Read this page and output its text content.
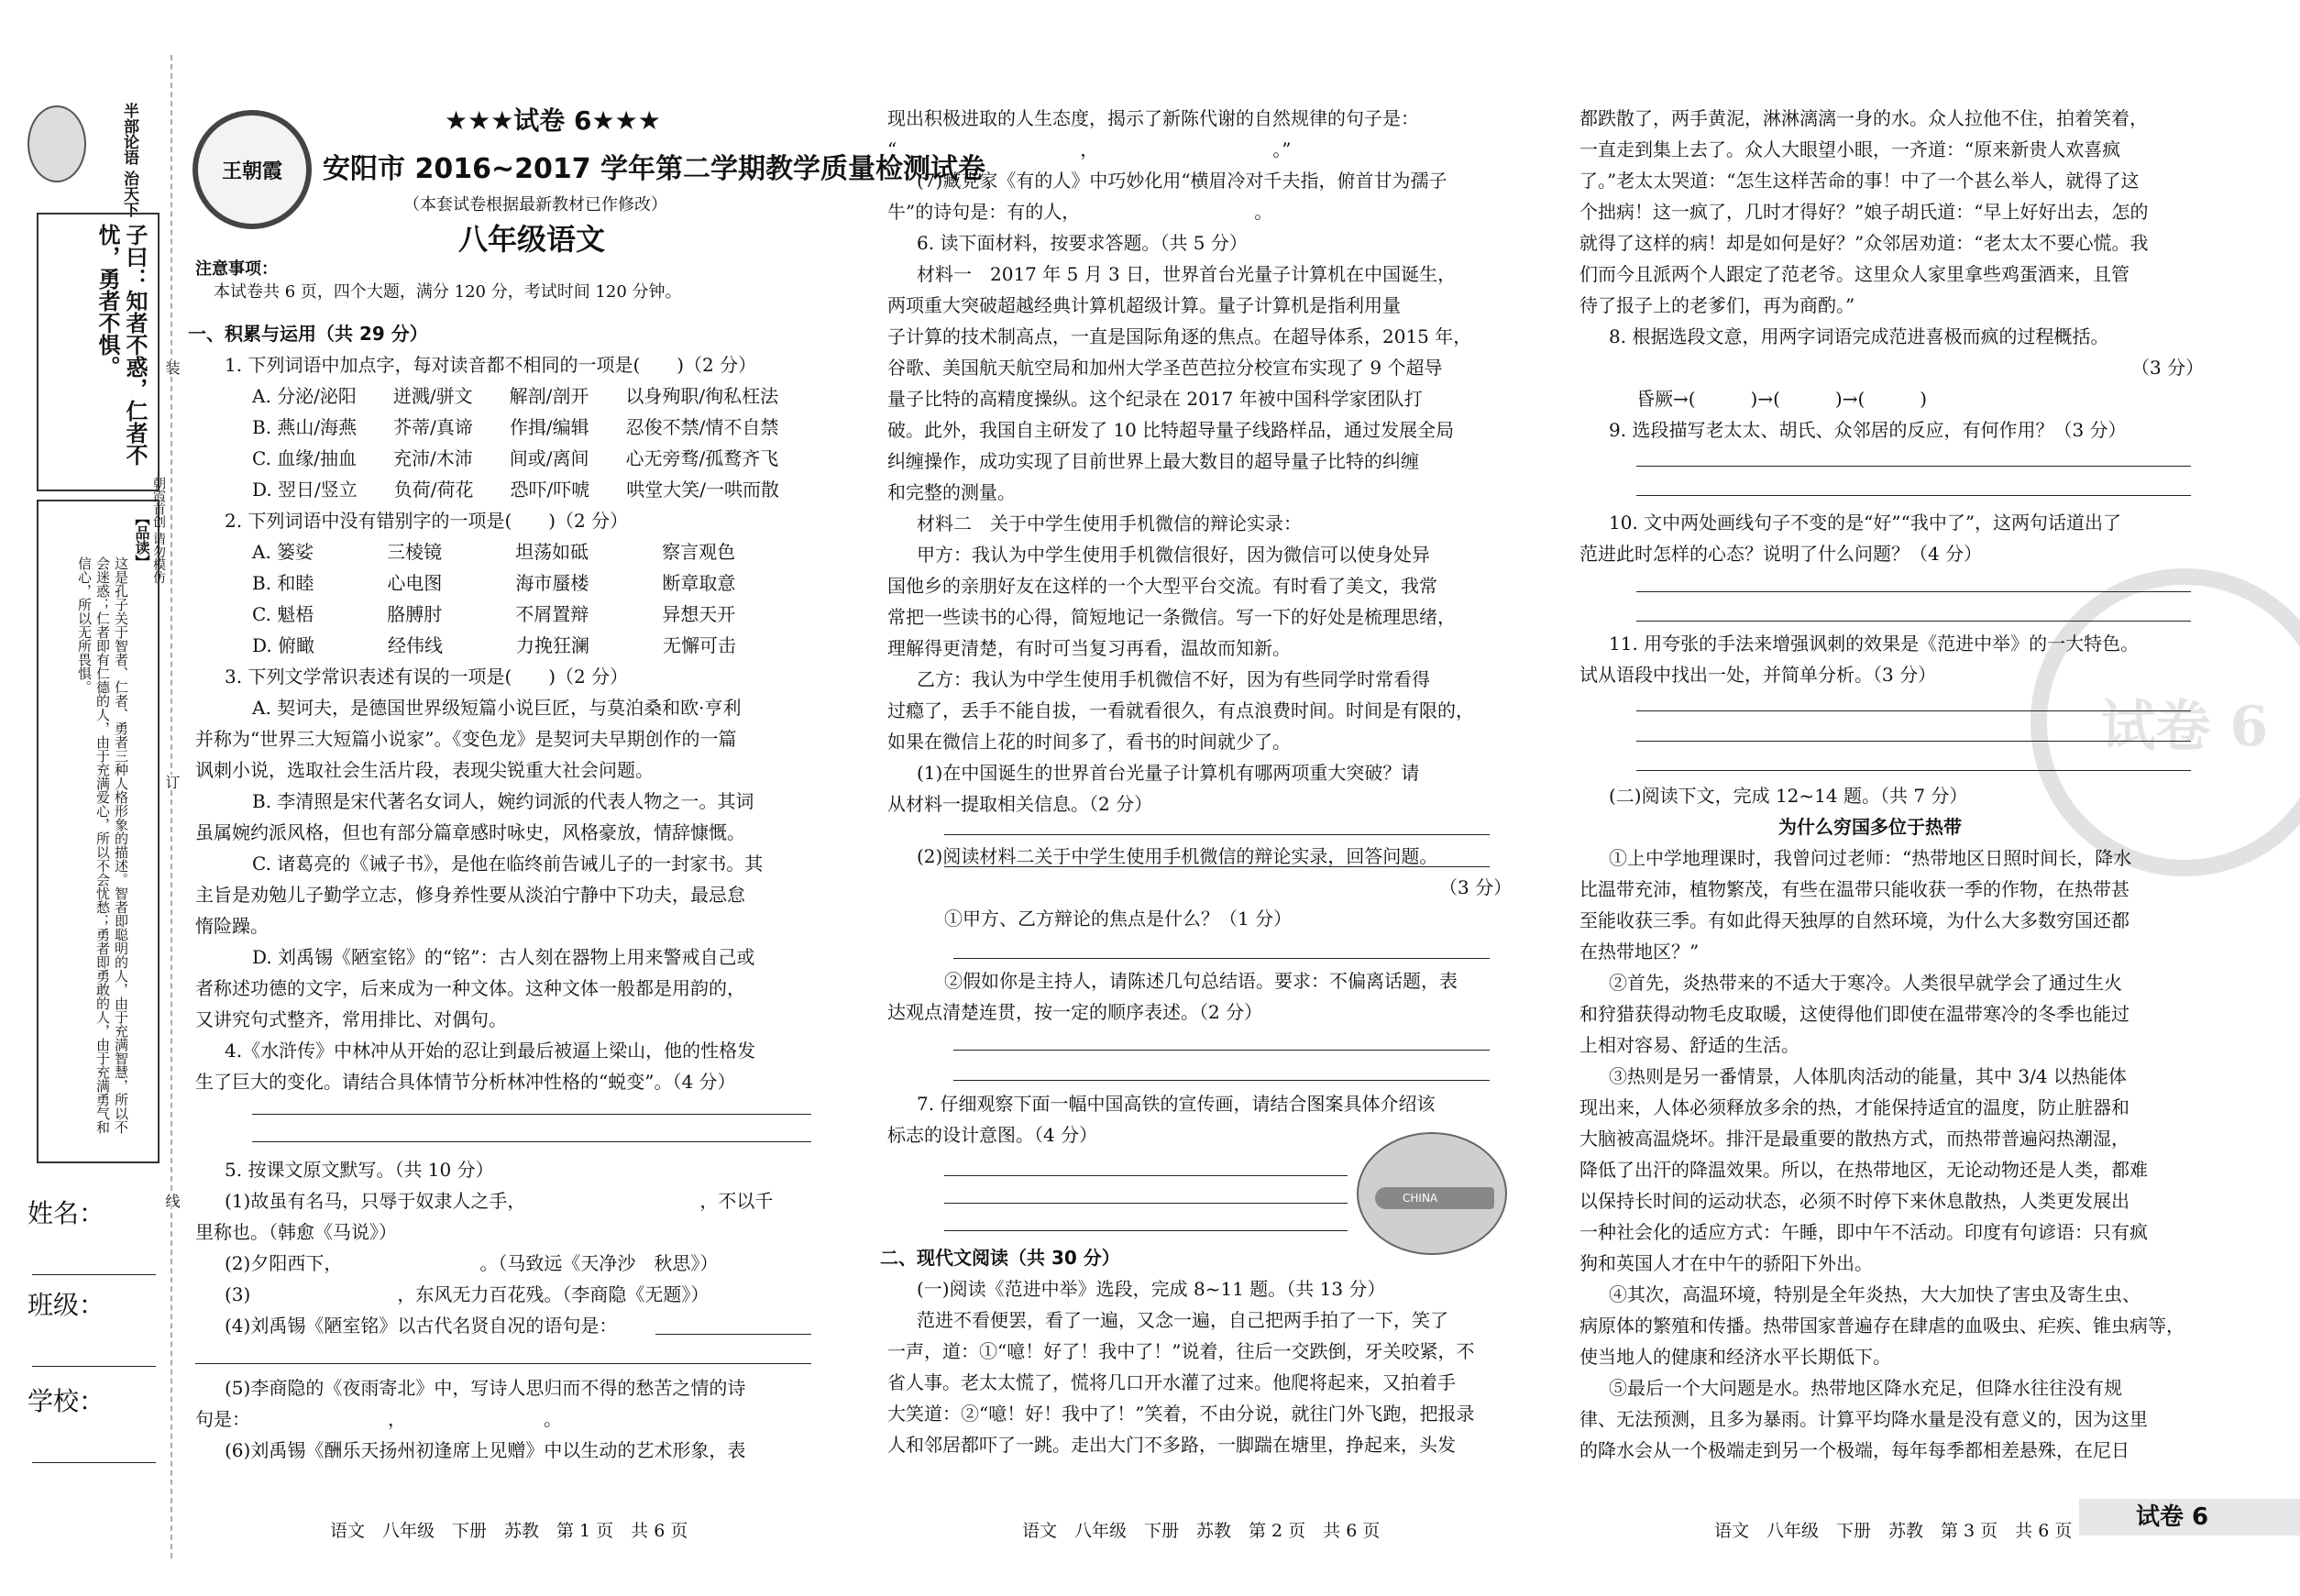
半部论语 治天下
子曰：知者不惑，仁者不忧，勇者不惧。
【品读】
这是孔子关于智者、仁者、勇者三种人格形象的描述。智者即聪明的人，由于充满智慧，所以不会迷惑；仁者即有仁德的人，由于充满爱心，所以不会忧愁；勇者即勇敢的人，由于充满勇气和信心，所以无所畏惧。
姓名：
班级：
学校：
装
订
线
朝霞首创 请勿模仿
王朝霞
★★★试卷 6★★★
安阳市 2016~2017 学年第二学期教学质量检测试卷
（本套试卷根据最新教材已作修改）
八年级语文
注意事项：
本试卷共 6 页，四个大题，满分 120 分，考试时间 120 分钟。
一、积累与运用（共 29 分）
1. 下列词语中加点字，每对读音都不相同的一项是(　　)（2 分）
A. 分泌/泌阳　　迸溅/骈文　　解剖/剖开　　以身殉职/徇私枉法
B. 燕山/海燕　　芥蒂/真谛　　作揖/编辑　　忍俊不禁/情不自禁
C. 血缘/抽血　　充沛/木沛　　间或/离间　　心无旁骛/孤鹜齐飞
D. 翌日/竖立　　负荷/荷花　　恐吓/吓唬　　哄堂大笑/一哄而散
2. 下列词语中没有错别字的一项是(　　)（2 分）
A. 篓娑　　　　三棱镜　　　　坦荡如砥　　　　察言观色
B. 和睦　　　　心电图　　　　海市蜃楼　　　　断章取意
C. 魁梧　　　　胳膊肘　　　　不屑置辩　　　　异想天开
D. 俯瞰　　　　经伟线　　　　力挽狂澜　　　　无懈可击
3. 下列文学常识表述有误的一项是(　　)（2 分）
A. 契诃夫，是德国世界级短篇小说巨匠，与莫泊桑和欧·亨利
并称为“世界三大短篇小说家”。《变色龙》是契诃夫早期创作的一篇
讽刺小说，选取社会生活片段，表现尖锐重大社会问题。
B. 李清照是宋代著名女词人，婉约词派的代表人物之一。其词
虽属婉约派风格，但也有部分篇章感时咏史，风格豪放，情辞慷慨。
C. 诸葛亮的《诫子书》，是他在临终前告诫儿子的一封家书。其
主旨是劝勉儿子勤学立志，修身养性要从淡泊宁静中下功夫，最忌怠
惰险躁。
D. 刘禹锡《陋室铭》的“铭”：古人刻在器物上用来警戒自己或
者称述功德的文字，后来成为一种文体。这种文体一般都是用韵的，
又讲究句式整齐，常用排比、对偶句。
4.《水浒传》中林冲从开始的忍让到最后被逼上梁山，他的性格发
生了巨大的变化。请结合具体情节分析林冲性格的“蜕变”。（4 分）
5. 按课文原文默写。（共 10 分）
(1)故虽有名马，只辱于奴隶人之手，　　　　　　　　　　，不以千
里称也。（韩愈《马说》）
(2)夕阳西下，　　　　　　　　。（马致远《天净沙　秋思》）
(3)　　　　　　　　，东风无力百花残。（李商隐《无题》）
(4)刘禹锡《陋室铭》以古代名贤自况的语句是：
(5)李商隐的《夜雨寄北》中，写诗人思归而不得的愁苦之情的诗
句是：　　　　　　　　，　　　　　　　　。
(6)刘禹锡《酬乐天扬州初逢席上见赠》中以生动的艺术形象，表
语文　八年级　下册　苏教　第 1 页　共 6 页
现出积极进取的人生态度，揭示了新陈代谢的自然规律的句子是：
“　　　　　　　　　　，　　　　　　　　　　。”
(7)臧克家《有的人》中巧妙化用“横眉冷对千夫指，俯首甘为孺子
牛”的诗句是：有的人，　　　　　　　　　　。
6. 读下面材料，按要求答题。（共 5 分）
材料一　2017 年 5 月 3 日，世界首台光量子计算机在中国诞生，
两项重大突破超越经典计算机超级计算。量子计算机是指利用量
子计算的技术制高点，一直是国际角逐的焦点。在超导体系，2015 年，
谷歌、美国航天航空局和加州大学圣芭芭拉分校宣布实现了 9 个超导
量子比特的高精度操纵。这个纪录在 2017 年被中国科学家团队打
破。此外，我国自主研发了 10 比特超导量子线路样品，通过发展全局
纠缠操作，成功实现了目前世界上最大数目的超导量子比特的纠缠
和完整的测量。
材料二　关于中学生使用手机微信的辩论实录：
甲方：我认为中学生使用手机微信很好，因为微信可以使身处异
国他乡的亲朋好友在这样的一个大型平台交流。有时看了美文，我常
常把一些读书的心得，简短地记一条微信。写一下的好处是梳理思绪，
理解得更清楚，有时可当复习再看，温故而知新。
乙方：我认为中学生使用手机微信不好，因为有些同学时常看得
过瘾了，丢手不能自拔，一看就看很久，有点浪费时间。时间是有限的，
如果在微信上花的时间多了，看书的时间就少了。
(1)在中国诞生的世界首台光量子计算机有哪两项重大突破？请
从材料一提取相关信息。（2 分）
(2)阅读材料二关于中学生使用手机微信的辩论实录，回答问题。
（3 分）
①甲方、乙方辩论的焦点是什么？（1 分）
②假如你是主持人，请陈述几句总结语。要求：不偏离话题，表
达观点清楚连贯，按一定的顺序表述。（2 分）
7. 仔细观察下面一幅中国高铁的宣传画，请结合图案具体介绍该
标志的设计意图。（4 分）
二、现代文阅读（共 30 分）
(一)阅读《范进中举》选段，完成 8~11 题。（共 13 分）
范进不看便罢，看了一遍，又念一遍，自己把两手拍了一下，笑了
一声，道：①“噫！好了！我中了！”说着，往后一交跌倒，牙关咬紧，不
省人事。老太太慌了，慌将几口开水灌了过来。他爬将起来，又拍着手
大笑道：②“噫！好！我中了！”笑着，不由分说，就往门外飞跑，把报录
人和邻居都吓了一跳。走出大门不多路，一脚踹在塘里，挣起来，头发
语文　八年级　下册　苏教　第 2 页　共 6 页
CHINA
试卷 6
都跌散了，两手黄泥，淋淋漓漓一身的水。众人拉他不住，拍着笑着，
一直走到集上去了。众人大眼望小眼，一齐道：“原来新贵人欢喜疯
了。”老太太哭道：“怎生这样苦命的事！中了一个甚么举人，就得了这
个拙病！这一疯了，几时才得好？”娘子胡氏道：“早上好好出去，怎的
就得了这样的病！却是如何是好？”众邻居劝道：“老太太不要心慌。我
们而今且派两个人跟定了范老爷。这里众人家里拿些鸡蛋酒来，且管
待了报子上的老爹们，再为商酌。”
8. 根据选段文意，用两字词语完成范进喜极而疯的过程概括。
（3 分）
昏厥→(　　　)→(　　　)→(　　　)
9. 选段描写老太太、胡氏、众邻居的反应，有何作用？（3 分）
10. 文中两处画线句子不变的是“好”“我中了”，这两句话道出了
范进此时怎样的心态？说明了什么问题？（4 分）
11. 用夸张的手法来增强讽刺的效果是《范进中举》的一大特色。
试从语段中找出一处，并简单分析。（3 分）
(二)阅读下文，完成 12~14 题。（共 7 分）
为什么穷国多位于热带
①上中学地理课时，我曾问过老师：“热带地区日照时间长，降水
比温带充沛，植物繁茂，有些在温带只能收获一季的作物，在热带甚
至能收获三季。有如此得天独厚的自然环境，为什么大多数穷国还都
在热带地区？”
②首先，炎热带来的不适大于寒冷。人类很早就学会了通过生火
和狩猎获得动物毛皮取暖，这使得他们即使在温带寒冷的冬季也能过
上相对容易、舒适的生活。
③热则是另一番情景，人体肌肉活动的能量，其中 3/4 以热能体
现出来，人体必须释放多余的热，才能保持适宜的温度，防止脏器和
大脑被高温烧坏。排汗是最重要的散热方式，而热带普遍闷热潮湿，
降低了出汗的降温效果。所以，在热带地区，无论动物还是人类，都难
以保持长时间的运动状态，必须不时停下来休息散热，人类更发展出
一种社会化的适应方式：午睡，即中午不活动。印度有句谚语：只有疯
狗和英国人才在中午的骄阳下外出。
④其次，高温环境，特别是全年炎热，大大加快了害虫及寄生虫、
病原体的繁殖和传播。热带国家普遍存在肆虐的血吸虫、疟疾、锥虫病等，
使当地人的健康和经济水平长期低下。
⑤最后一个大问题是水。热带地区降水充足，但降水往往没有规
律、无法预测，且多为暴雨。计算平均降水量是没有意义的，因为这里
的降水会从一个极端走到另一个极端，每年每季都相差悬殊，在尼日
语文　八年级　下册　苏教　第 3 页　共 6 页	试卷 6
